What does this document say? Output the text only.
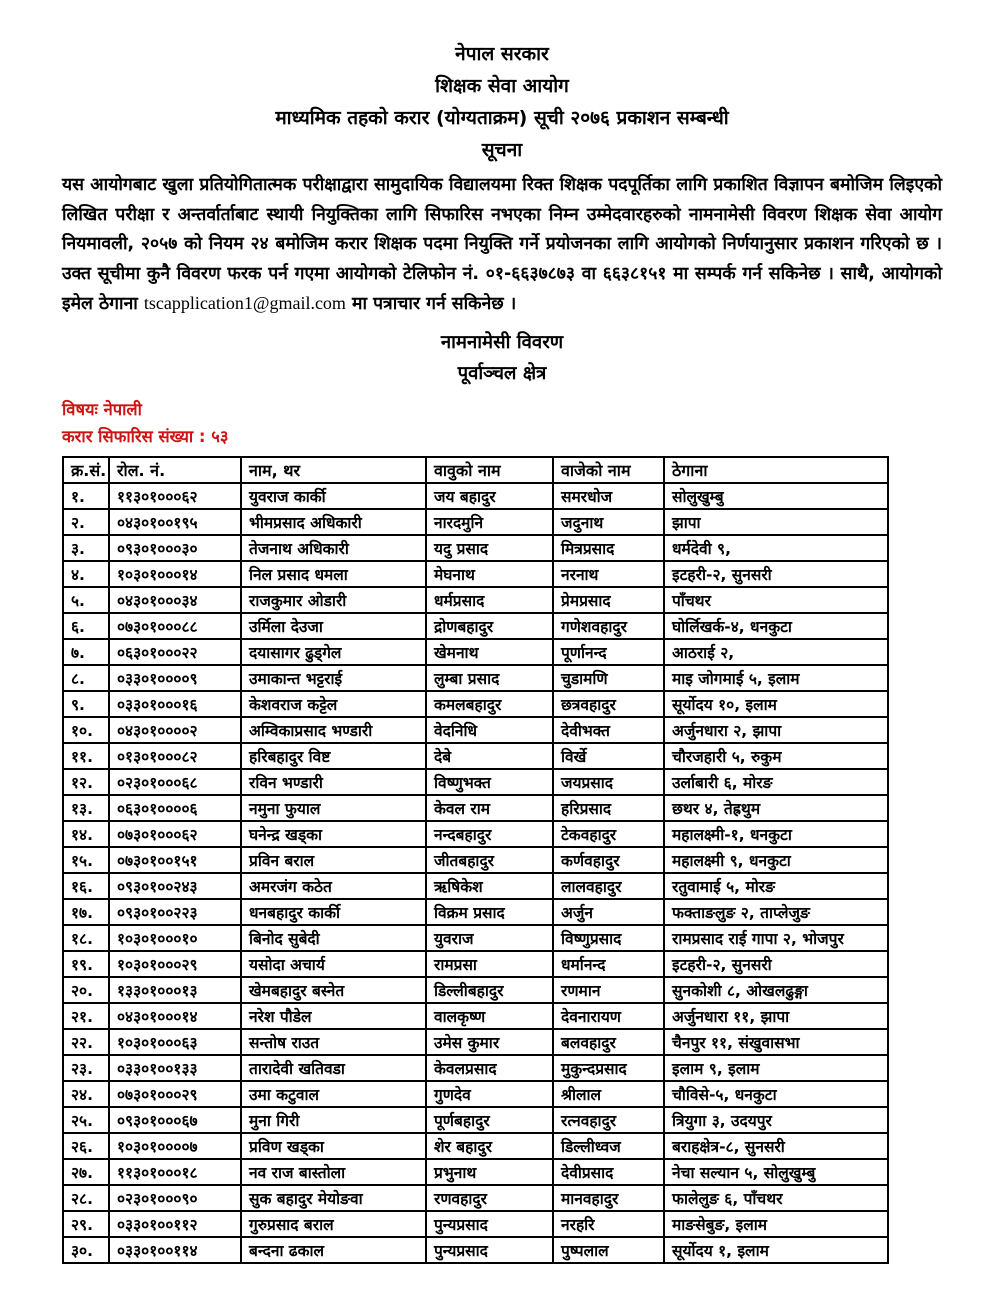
नेपाल सरकार
शिक्षक सेवा आयोग
माध्यमिक तहको करार (योग्यताक्रम) सूची २०७६ प्रकाशन सम्बन्धी
सूचना
यस आयोगबाट खुला प्रतियोगितात्मक परीक्षाद्वारा सामुदायिक विद्यालयमा रिक्त शिक्षक पदपूर्तिका लागि प्रकाशित विज्ञापन बमोजिम लिइएको लिखित परीक्षा र अन्तर्वार्ताबाट स्थायी नियुक्तिका लागि सिफारिस नभएका निम्न उम्मेदवारहरुको नामनामेसी विवरण शिक्षक सेवा आयोग नियमावली, २०५७ को नियम २४ बमोजिम करार शिक्षक पदमा नियुक्ति गर्ने प्रयोजनका लागि आयोगको निर्णयानुसार प्रकाशन गरिएको छ । उक्त सूचीमा कुनै विवरण फरक पर्न गएमा आयोगको टेलिफोन नं. ०१-६६३७८७३ वा ६६३८१५१ मा सम्पर्क गर्न सकिनेछ । साथै, आयोगको इमेल ठेगाना tscapplication1@gmail.com मा पत्राचार गर्न सकिनेछ ।
नामनामेसी विवरण
पूर्वाञ्चल क्षेत्र
विषयः नेपाली
करार सिफारिस संख्या : ५३
क्र.सं.	रोल. नं.	नाम, थर	वावुको नाम	वाजेको नाम	ठेगाना
१.	११३०१०००६२	युवराज कार्की	जय बहादुर	समरधोज	सोलुखुम्बु
२.	०४३०१००१९५	भीमप्रसाद अधिकारी	नारदमुनि	जदुनाथ	झापा
३.	०९३०१०००३०	तेजनाथ अधिकारी	यदु प्रसाद	मित्रप्रसाद	धर्मदेवी ९,
४.	१०३०१०००१४	निल प्रसाद धमला	मेघनाथ	नरनाथ	इटहरी-२, सुनसरी
५.	०४३०१०००३४	राजकुमार ओडारी	धर्मप्रसाद	प्रेमप्रसाद	पाँचथर
६.	०७३०१०००८८	उर्मिला देउजा	द्रोणबहादुर	गणेशवहादुर	घोर्लिखर्क-४, धनकुटा
७.	०६३०१०००२२	दयासागर ढुड्गेल	खेमनाथ	पूर्णानन्द	आठराई २,
८.	०३३०१००००९	उमाकान्त भट्टराई	लुम्बा प्रसाद	चुडामणि	माइ जोगमाई ५, इलाम
९.	०३३०१०००१६	केशवराज कट्टेल	कमलबहादुर	छत्रवहादुर	सूर्योदय १०, इलाम
१०.	०४३०१००००२	अम्विकाप्रसाद भण्डारी	वेदनिधि	देवीभक्त	अर्जुनधारा २, झापा
११.	०१३०१०००८२	हरिबहादुर विष्ट	देबे	विर्खे	चौरजहारी ५, रुकुम
१२.	०२३०१०००६८	रविन भण्डारी	विष्णुभक्त	जयप्रसाद	उर्लाबारी ६, मोरङ
१३.	०६३०१००००६	नमुना फुयाल	केवल राम	हरिप्रसाद	छथर ४, तेह्रथुम
१४.	०७३०१०००६२	घनेन्द्र खड्का	नन्दबहादुर	टेकवहादुर	महालक्ष्मी-१, धनकुटा
१५.	०७३०१००१५१	प्रविन बराल	जीतबहादुर	कर्णवहादुर	महालक्ष्मी ९, धनकुटा
१६.	०९३०१००२४३	अमरजंग कठेत	ऋषिकेश	लालवहादुर	रतुवामाई ५, मोरङ
१७.	०९३०१००२२३	धनबहादुर कार्की	विक्रम प्रसाद	अर्जुन	फक्ताङलुङ २, ताप्लेजुङ
१८.	१०३०१०००१०	बिनोद सुबेदी	युवराज	विष्णुप्रसाद	रामप्रसाद राई गापा २, भोजपुर
१९.	१०३०१०००२९	यसोदा अचार्य	रामप्रसा	धर्मानन्द	इटहरी-२, सुनसरी
२०.	१३३०१०००१३	खेमबहादुर बस्नेत	डिल्लीबहादुर	रणमान	सुनकोशी ८, ओखलढुङ्गा
२१.	०४३०१०००१४	नरेश पौडेल	वालकृष्ण	देवनारायण	अर्जुनधारा ११, झापा
२२.	१०३०१०००६३	सन्तोष राउत	उमेस कुमार	बलवहादुर	चैनपुर ११, संखुवासभा
२३.	०३३०१००१३३	तारादेवी खतिवडा	केवलप्रसाद	मुकुन्दप्रसाद	इलाम ९, इलाम
२४.	०७३०१०००२९	उमा कटुवाल	गुणदेव	श्रीलाल	चौविसे-५, धनकुटा
२५.	०९३०१०००६७	मुना गिरी	पूर्णबहादुर	रत्नवहादुर	त्रियुगा ३, उदयपुर
२६.	१०३०१००००७	प्रविण खड्का	शेर बहादुर	डिल्लीध्वज	बराहक्षेत्र-८, सुनसरी
२७.	११३०१०००१८	नव राज बास्तोला	प्रभुनाथ	देवीप्रसाद	नेचा सल्यान ५, सोलुखुम्बु
२८.	०२३०१०००९०	सुक बहादुर मेयोङवा	रणवहादुर	मानवहादुर	फालेलुङ ६, पाँचथर
२९.	०३३०१००११२	गुरुप्रसाद बराल	पुन्यप्रसाद	नरहरि	माङसेबुङ, इलाम
३०.	०३३०१००११४	बन्दना ढकाल	पुन्यप्रसाद	पुष्पलाल	सूर्योदय १, इलाम
